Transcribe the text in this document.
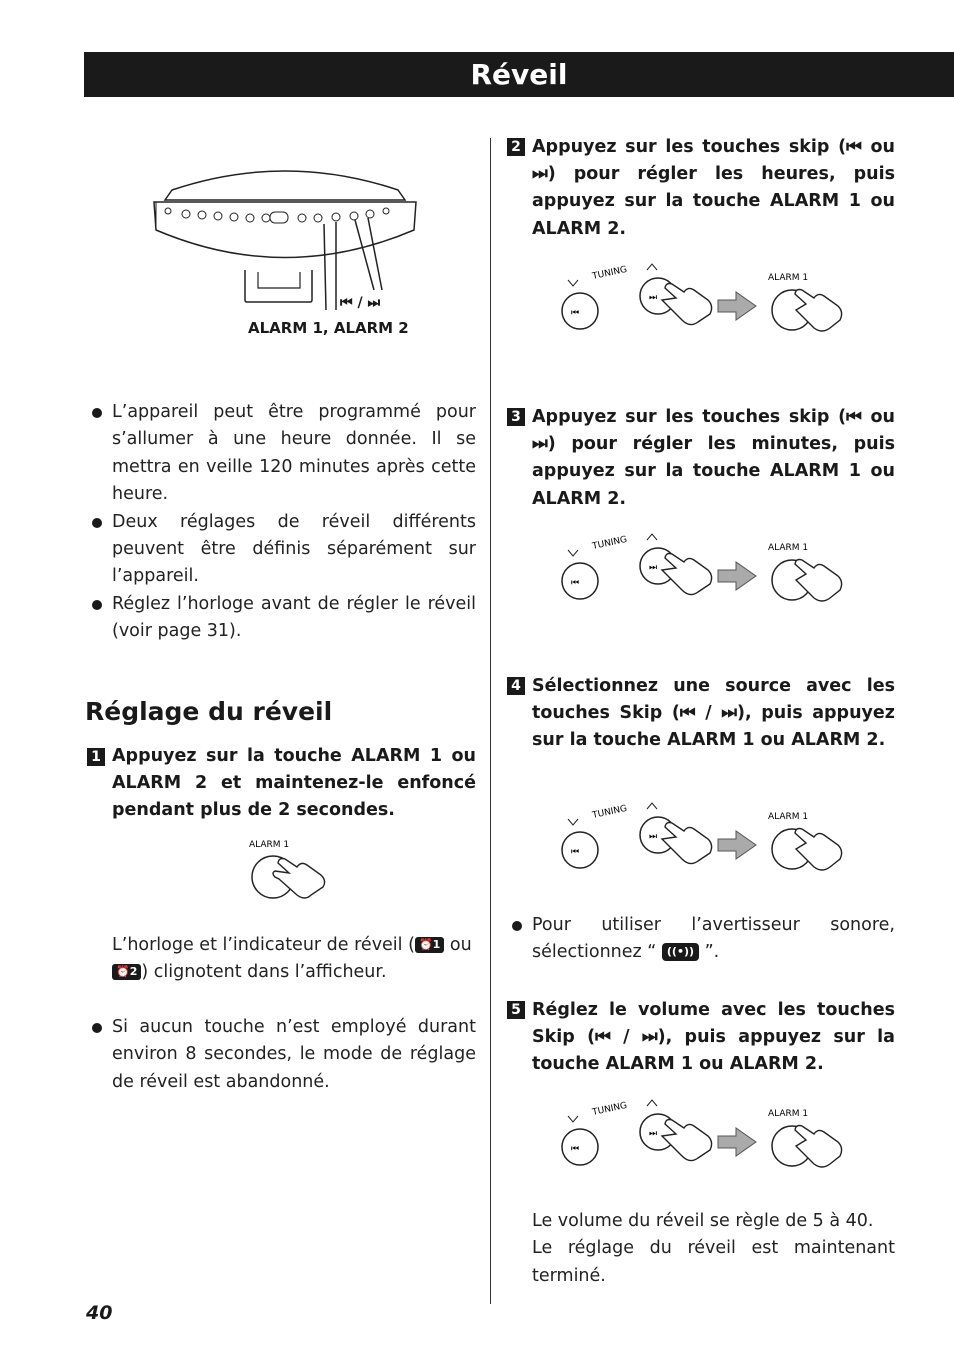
Réveil
⏮ / ⏭
ALARM 1, ALARM 2
L’appareil peut être programmé pour s’allumer à une heure donnée. Il se mettra en veille 120 minutes après cette heure.
Deux réglages de réveil différents peuvent être définis séparément sur l’appareil.
Réglez l’horloge avant de régler le réveil (voir page 31).
Réglage du réveil
1 Appuyez sur la touche ALARM 1 ou ALARM 2 et maintenez-le enfoncé pendant plus de 2 secondes.
ALARM 1
L’horloge et l’indicateur de réveil ( ⏰1 ou
⏰2 ) clignotent dans l’afficheur.
Si aucun touche n’est employé durant environ 8 secondes, le mode de réglage de réveil est abandonné.
2 Appuyez sur les touches skip (⏮ ou ⏭) pour régler les heures, puis appuyez sur la touche ALARM 1 ou ALARM 2.
3 Appuyez sur les touches skip (⏮ ou ⏭) pour régler les minutes, puis appuyez sur la touche ALARM 1 ou ALARM 2.
4 Sélectionnez une source avec les touches Skip (⏮ / ⏭), puis appuyez sur la touche ALARM 1 ou ALARM 2.
5 Réglez le volume avec les touches Skip (⏮ / ⏭), puis appuyez sur la touche ALARM 1 ou ALARM 2.
TUNING
⏮
⏭
ALARM 1
TUNING
⏮
⏭
ALARM 1
TUNING
⏮
⏭
ALARM 1
TUNING
⏮
⏭
ALARM 1
Pour utiliser l’avertisseur sonore, sélectionnez “ ((•)) ”.
Le volume du réveil se règle de 5 à 40.
Le réglage du réveil est maintenant terminé.
40
